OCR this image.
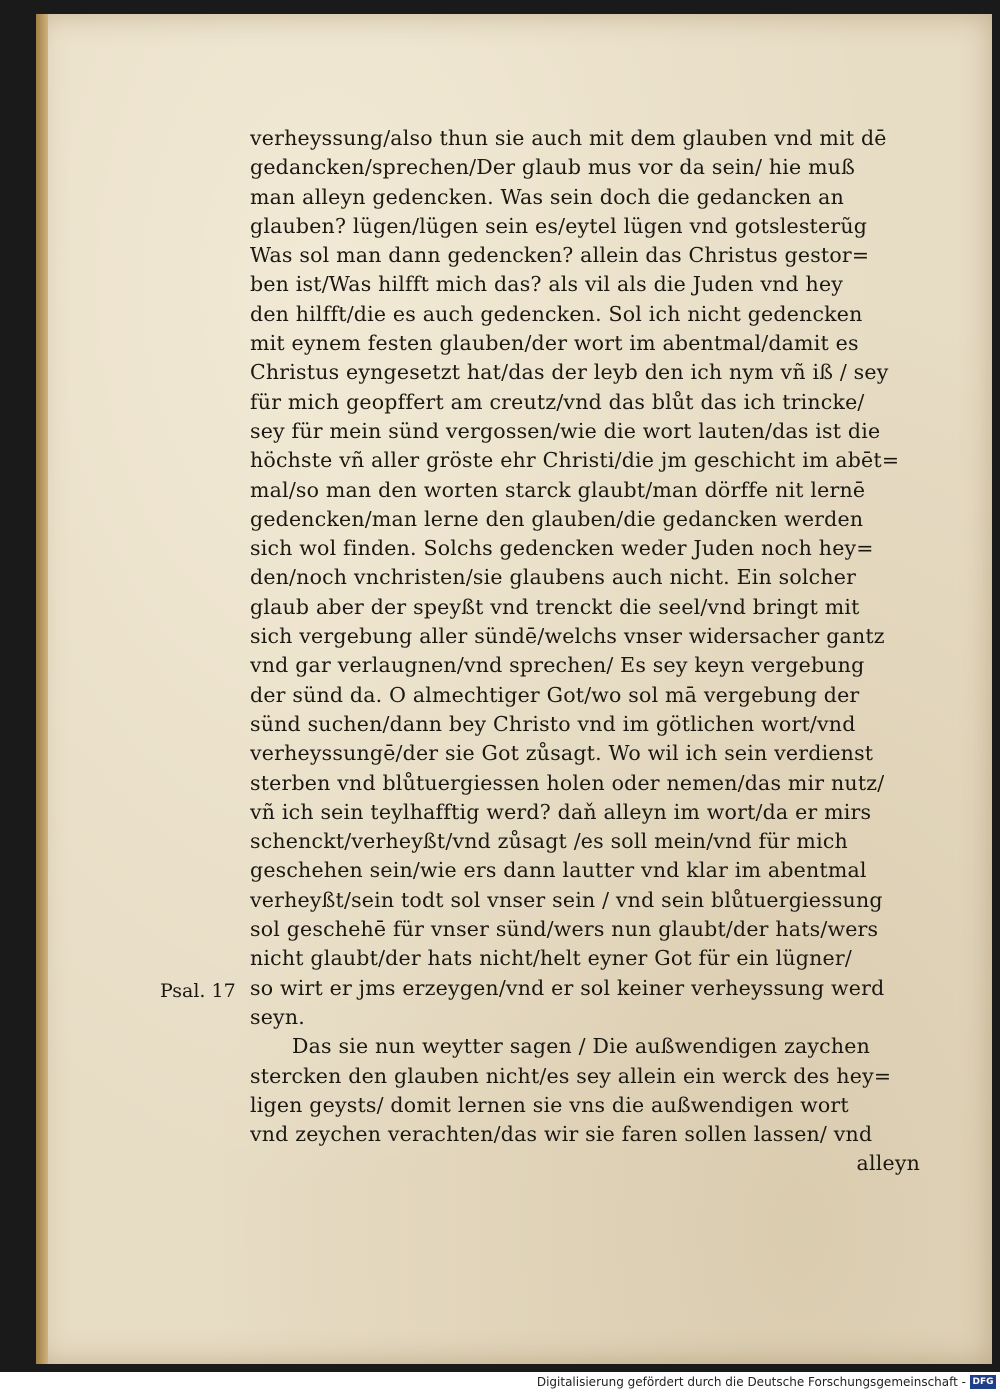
verheyssung/also thun sie auch mit dem glauben vnd mit dē
gedancken/sprechen/Der glaub mus vor da sein/ hie muß
man alleyn gedencken. Was sein doch die gedancken an
glauben? lügen/lügen sein es/eytel lügen vnd gotslesterũg
Was sol man dann gedencken? allein das Christus gestor=
ben ist/Was hilfft mich das? als vil als die Juden vnd hey
den hilfft/die es auch gedencken. Sol ich nicht gedencken
mit eynem festen glauben/der wort im abentmal/damit es
Christus eyngesetzt hat/das der leyb den ich nym vñ iß / sey
für mich geopffert am creutz/vnd das blůt das ich trincke/
sey für mein sünd vergossen/wie die wort lauten/das ist die
höchste vñ aller gröste ehr Christi/die jm geschicht im abēt=
mal/so man den worten starck glaubt/man dörffe nit lernē
gedencken/man lerne den glauben/die gedancken werden
sich wol finden. Solchs gedencken weder Juden noch hey=
den/noch vnchristen/sie glaubens auch nicht. Ein solcher
glaub aber der speyßt vnd trenckt die seel/vnd bringt mit
sich vergebung aller sündē/welchs vnser widersacher gantz
vnd gar verlaugnen/vnd sprechen/ Es sey keyn vergebung
der sünd da. O almechtiger Got/wo sol mā vergebung der
sünd suchen/dann bey Christo vnd im götlichen wort/vnd
verheyssungē/der sie Got zůsagt. Wo wil ich sein verdienst
sterben vnd blůtuergiessen holen oder nemen/das mir nutz/
vñ ich sein teylhafftig werd? daň alleyn im wort/da er mirs
schenckt/verheyßt/vnd zůsagt /es soll mein/vnd für mich
geschehen sein/wie ers dann lautter vnd klar im abentmal
verheyßt/sein todt sol vnser sein / vnd sein blůtuergiessung
sol geschehē für vnser sünd/wers nun glaubt/der hats/wers
nicht glaubt/der hats nicht/helt eyner Got für ein lügner/
so wirt er jms erzeygen/vnd er sol keiner verheyssung werd
seyn.
Das sie nun weytter sagen / Die außwendigen zaychen
stercken den glauben nicht/es sey allein ein werck des hey=
ligen geysts/ domit lernen sie vns die außwendigen wort
vnd zeychen verachten/das wir sie faren sollen lassen/ vnd
alleyn
Psal. 17
Digitalisierung gefördert durch die Deutsche Forschungsgemeinschaft - DFG
